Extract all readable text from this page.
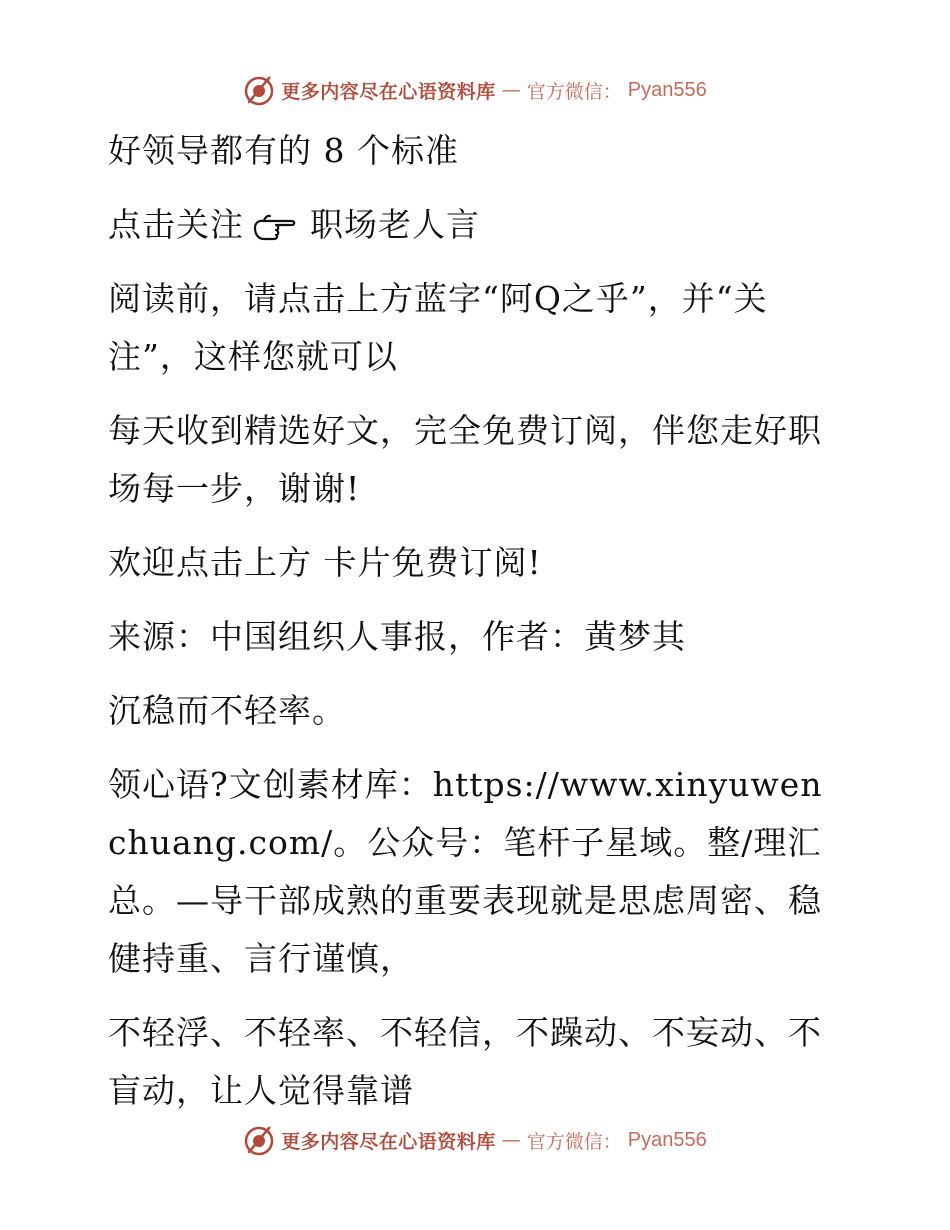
更多内容尽在心语资料库 — 官方微信： Pyan556

好领导都有的 8 个标准

点击关注 职场老人言

阅读前，请点击上方蓝字“阿Q之乎”，并“关注”，这样您就可以

每天收到精选好文，完全免费订阅，伴您走好职场每一步，谢谢!

欢迎点击上方 卡片免费订阅!

来源：中国组织人事报，作者：黄梦其

沉稳而不轻率。

领心语?文创素材库：https://www.xinyuwenchuang.com/。公众号：笔杆子星域。整/理汇总。—导干部成熟的重要表现就是思虑周密、稳健持重、言行谨慎，

不轻浮、不轻率、不轻信，不躁动、不妄动、不盲动，让人觉得靠谱

更多内容尽在心语资料库 — 官方微信： Pyan556
